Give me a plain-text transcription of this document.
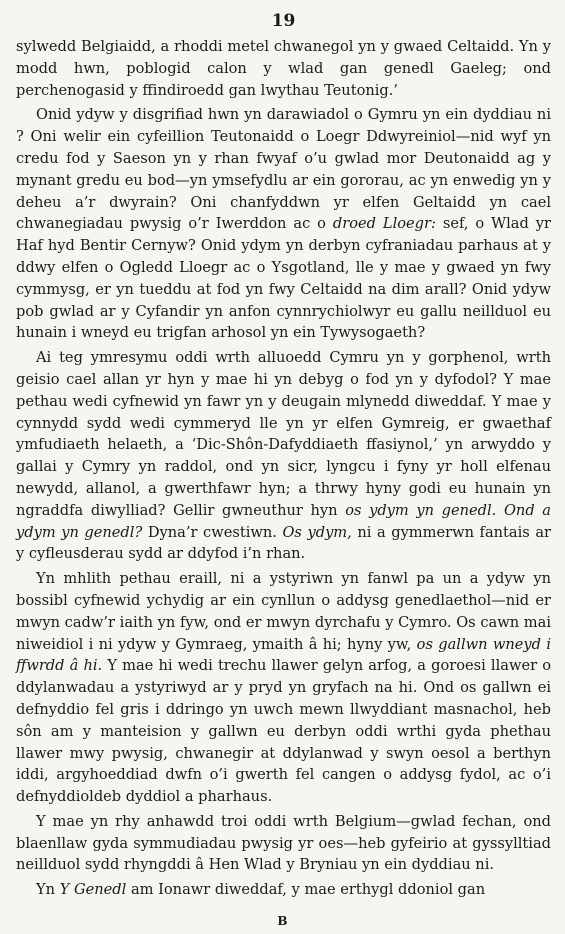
19

sylwedd Belgiaidd, a rhoddi metel chwanegol yn y gwaed Celtaidd. Yn y modd hwn, poblogid calon y wlad gan genedl Gaeleg; ond perchenogasid y ffindiroedd gan lwythau Teutonig.’

Onid ydyw y disgrifiad hwn yn darawiadol o Gymru yn ein dyddiau ni ? Oni welir ein cyfeillion Teutonaidd o Loegr Ddwyreiniol—nid wyf yn credu fod y Saeson yn y rhan fwyaf o’u gwlad mor Deutonaidd ag y mynant gredu eu bod—yn ymsefydlu ar ein gororau, ac yn enwedig yn y deheu a’r dwyrain? Oni chanfyddwn yr elfen Geltaidd yn cael chwanegiadau pwysig o’r Iwerddon ac o droed Lloegr: sef, o Wlad yr Haf hyd Bentir Cernyw? Onid ydym yn derbyn cyfraniadau parhaus at y ddwy elfen o Ogledd Lloegr ac o Ysgotland, lle y mae y gwaed yn fwy cymmysg, er yn tueddu at fod yn fwy Celtaidd na dim arall? Onid ydyw pob gwlad ar y Cyfandir yn anfon cynnrychiolwyr eu gallu neillduol eu hunain i wneyd eu trigfan arhosol yn ein Tywysogaeth?

Ai teg ymresymu oddi wrth alluoedd Cymru yn y gorphenol, wrth geisio cael allan yr hyn y mae hi yn debyg o fod yn y dyfodol? Y mae pethau wedi cyfnewid yn fawr yn y deugain mlynedd diweddaf. Y mae y cynnydd sydd wedi cymmeryd lle yn yr elfen Gymreig, er gwaethaf ymfudiaeth helaeth, a ‘Dic-Shôn-Dafyddiaeth ffasiynol,’ yn arwyddo y gallai y Cymry yn raddol, ond yn sicr, lyngcu i fyny yr holl elfenau newydd, allanol, a gwerthfawr hyn; a thrwy hyny godi eu hunain yn ngraddfa diwylliad? Gellir gwneuthur hyn os ydym yn genedl. Ond a ydym yn genedl? Dyna’r cwestiwn. Os ydym, ni a gymmerwn fantais ar y cyfleusderau sydd ar ddyfod i’n rhan.

Yn mhlith pethau eraill, ni a ystyriwn yn fanwl pa un a ydyw yn bossibl cyfnewid ychydig ar ein cynllun o addysg genedlaethol—nid er mwyn cadw’r iaith yn fyw, ond er mwyn dyrchafu y Cymro. Os cawn mai niweidiol i ni ydyw y Gymraeg, ymaith â hi; hyny yw, os gallwn wneyd i ffwrdd â hi. Y mae hi wedi trechu llawer gelyn arfog, a goroesi llawer o ddylanwadau a ystyriwyd ar y pryd yn gryfach na hi. Ond os gallwn ei defnyddio fel gris i ddringo yn uwch mewn llwyddiant masnachol, heb sôn am y manteision y gallwn eu derbyn oddi wrthi gyda phethau llawer mwy pwysig, chwanegir at ddylanwad y swyn oesol a berthyn iddi, argyhoeddiad dwfn o’i gwerth fel cangen o addysg fydol, ac o’i defnyddioldeb dyddiol a pharhaus.

Y mae yn rhy anhawdd troi oddi wrth Belgium—gwlad fechan, ond blaenllaw gyda symmudiadau pwysig yr oes—heb gyfeirio at gyssylltiad neillduol sydd rhyngddi â Hen Wlad y Bryniau yn ein dyddiau ni.

Yn Y Genedl am Ionawr diweddaf, y mae erthygl ddoniol gan

B
